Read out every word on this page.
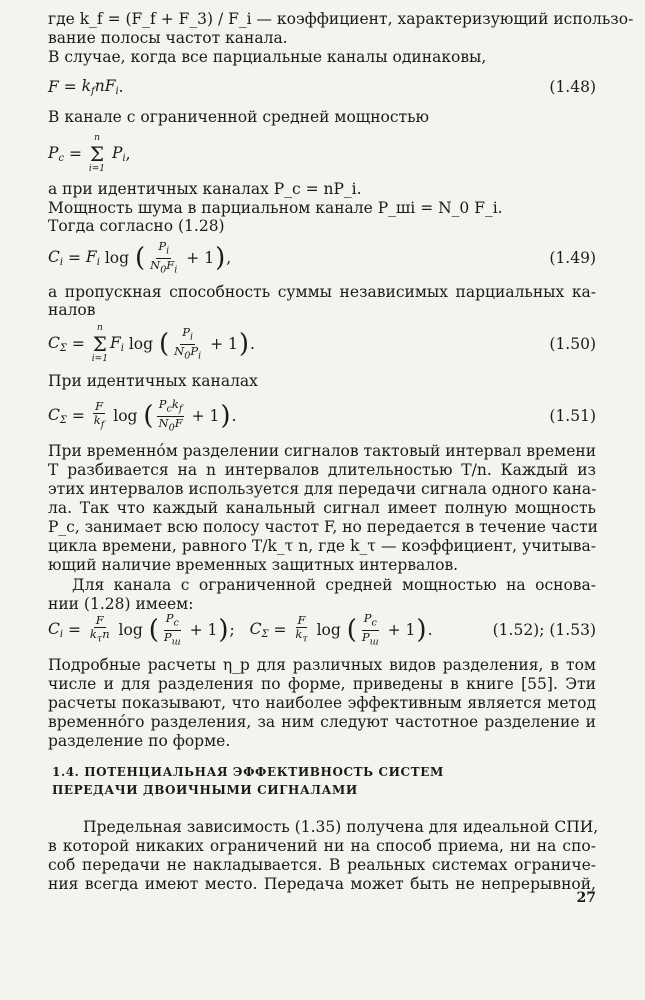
где k_f = (F_f + F_3) / F_i — коэффициент, характеризующий использо-
вание полосы частот канала.
В случае, когда все парциальные каналы одинаковы,
$F = k_fnF_i$ .	(1.48)
В канале с ограниченной средней мощностью
$P_c$ =
n
Σ
i=1
$P_i$ ,
а при идентичных каналах P_c = nP_i.
Мощность шума в парциальном канале P_шi = N_0 F_i.
Тогда согласно (1.28)
$C_i = F_i$ log ( $\frac{P_i}{N_0F_i} + 1$ ) ,	(1.49)
а пропускная способность суммы независимых парциальных ка-
налов
$C_\Sigma$ =
n
Σ
i=1
$F_i$ log ( $\frac{P_i}{N_0P_i} + 1$ ) .	(1.50)
При идентичных каналах
$C_\Sigma = \frac{F}{k_f}$ log ( $\frac{P_ck_f}{N_0F} + 1$ ) .	(1.51)
При временнóм разделении сигналов тактовый интервал времени
T разбивается на n интервалов длительностью T/n. Каждый из
этих интервалов используется для передачи сигнала одного кана-
ла. Так что каждый канальный сигнал имеет полную мощность
P_c, занимает всю полосу частот F, но передается в течение части
цикла времени, равного T/k_τ n, где k_τ — коэффициент, учитыва-
ющий наличие временных защитных интервалов.
Для канала с ограниченной средней мощностью на основа-
нии (1.28) имеем:
$C_i = \frac{F}{k_\tau n}$ log ( $\frac{P_c}{P_ш} + 1$ ) ; $C_\Sigma = \frac{F}{k_\tau}$ log ( $\frac{P_c}{P_ш} + 1$ ) .	(1.52); (1.53)
Подробные расчеты η_p для различных видов разделения, в том
числе и для разделения по форме, приведены в книге [55]. Эти
расчеты показывают, что наиболее эффективным является метод
временнóго разделения, за ним следуют частотное разделение и
разделение по форме.
1.4. ПОТЕНЦИАЛЬНАЯ ЭФФЕКТИВНОСТЬ СИСТЕМ
ПЕРЕДАЧИ ДВОИЧНЫМИ СИГНАЛАМИ
Предельная зависимость (1.35) получена для идеальной СПИ,
в которой никаких ограничений ни на способ приема, ни на спо-
соб передачи не накладывается. В реальных системах ограниче-
ния всегда имеют место. Передача может быть не непрерывной,
27
